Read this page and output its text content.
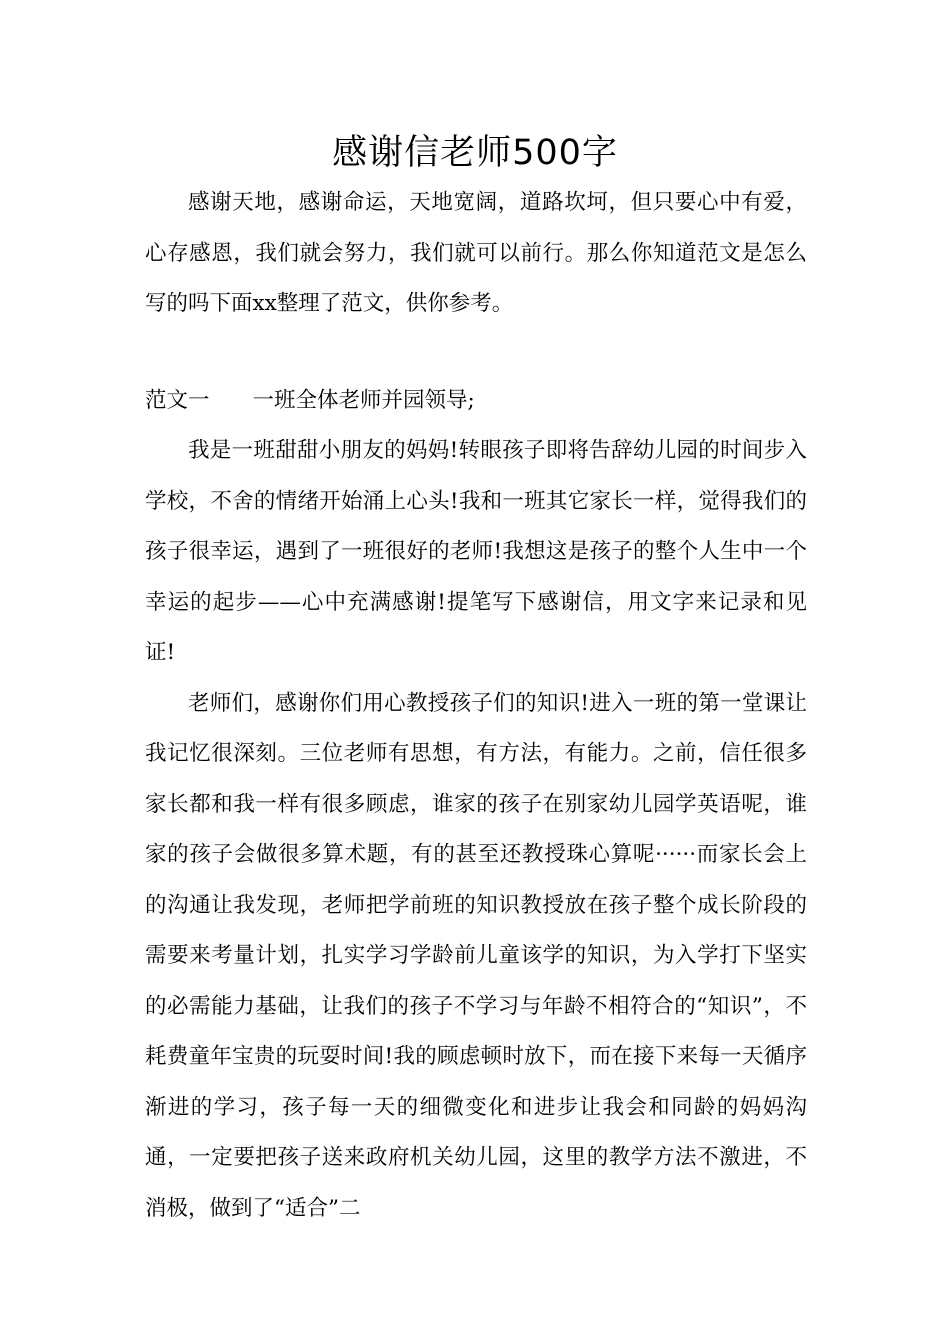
感谢信老师500字

感谢天地，感谢命运，天地宽阔，道路坎坷，但只要心中有爱，心存感恩，我们就会努力，我们就可以前行。那么你知道范文是怎么写的吗下面xx整理了范文，供你参考。

范文一　　一班全体老师并园领导;

我是一班甜甜小朋友的妈妈!转眼孩子即将告辞幼儿园的时间步入学校，不舍的情绪开始涌上心头!我和一班其它家长一样，觉得我们的孩子很幸运，遇到了一班很好的老师!我想这是孩子的整个人生中一个幸运的起步——心中充满感谢!提笔写下感谢信，用文字来记录和见证!

老师们，感谢你们用心教授孩子们的知识!进入一班的第一堂课让我记忆很深刻。三位老师有思想，有方法，有能力。之前，信任很多家长都和我一样有很多顾虑，谁家的孩子在别家幼儿园学英语呢，谁家的孩子会做很多算术题，有的甚至还教授珠心算呢······而家长会上的沟通让我发现，老师把学前班的知识教授放在孩子整个成长阶段的需要来考量计划，扎实学习学龄前儿童该学的知识，为入学打下坚实的必需能力基础，让我们的孩子不学习与年龄不相符合的“知识”，不耗费童年宝贵的玩耍时间!我的顾虑顿时放下，而在接下来每一天循序渐进的学习，孩子每一天的细微变化和进步让我会和同龄的妈妈沟通，一定要把孩子送来政府机关幼儿园，这里的教学方法不激进，不消极，做到了“适合”二
